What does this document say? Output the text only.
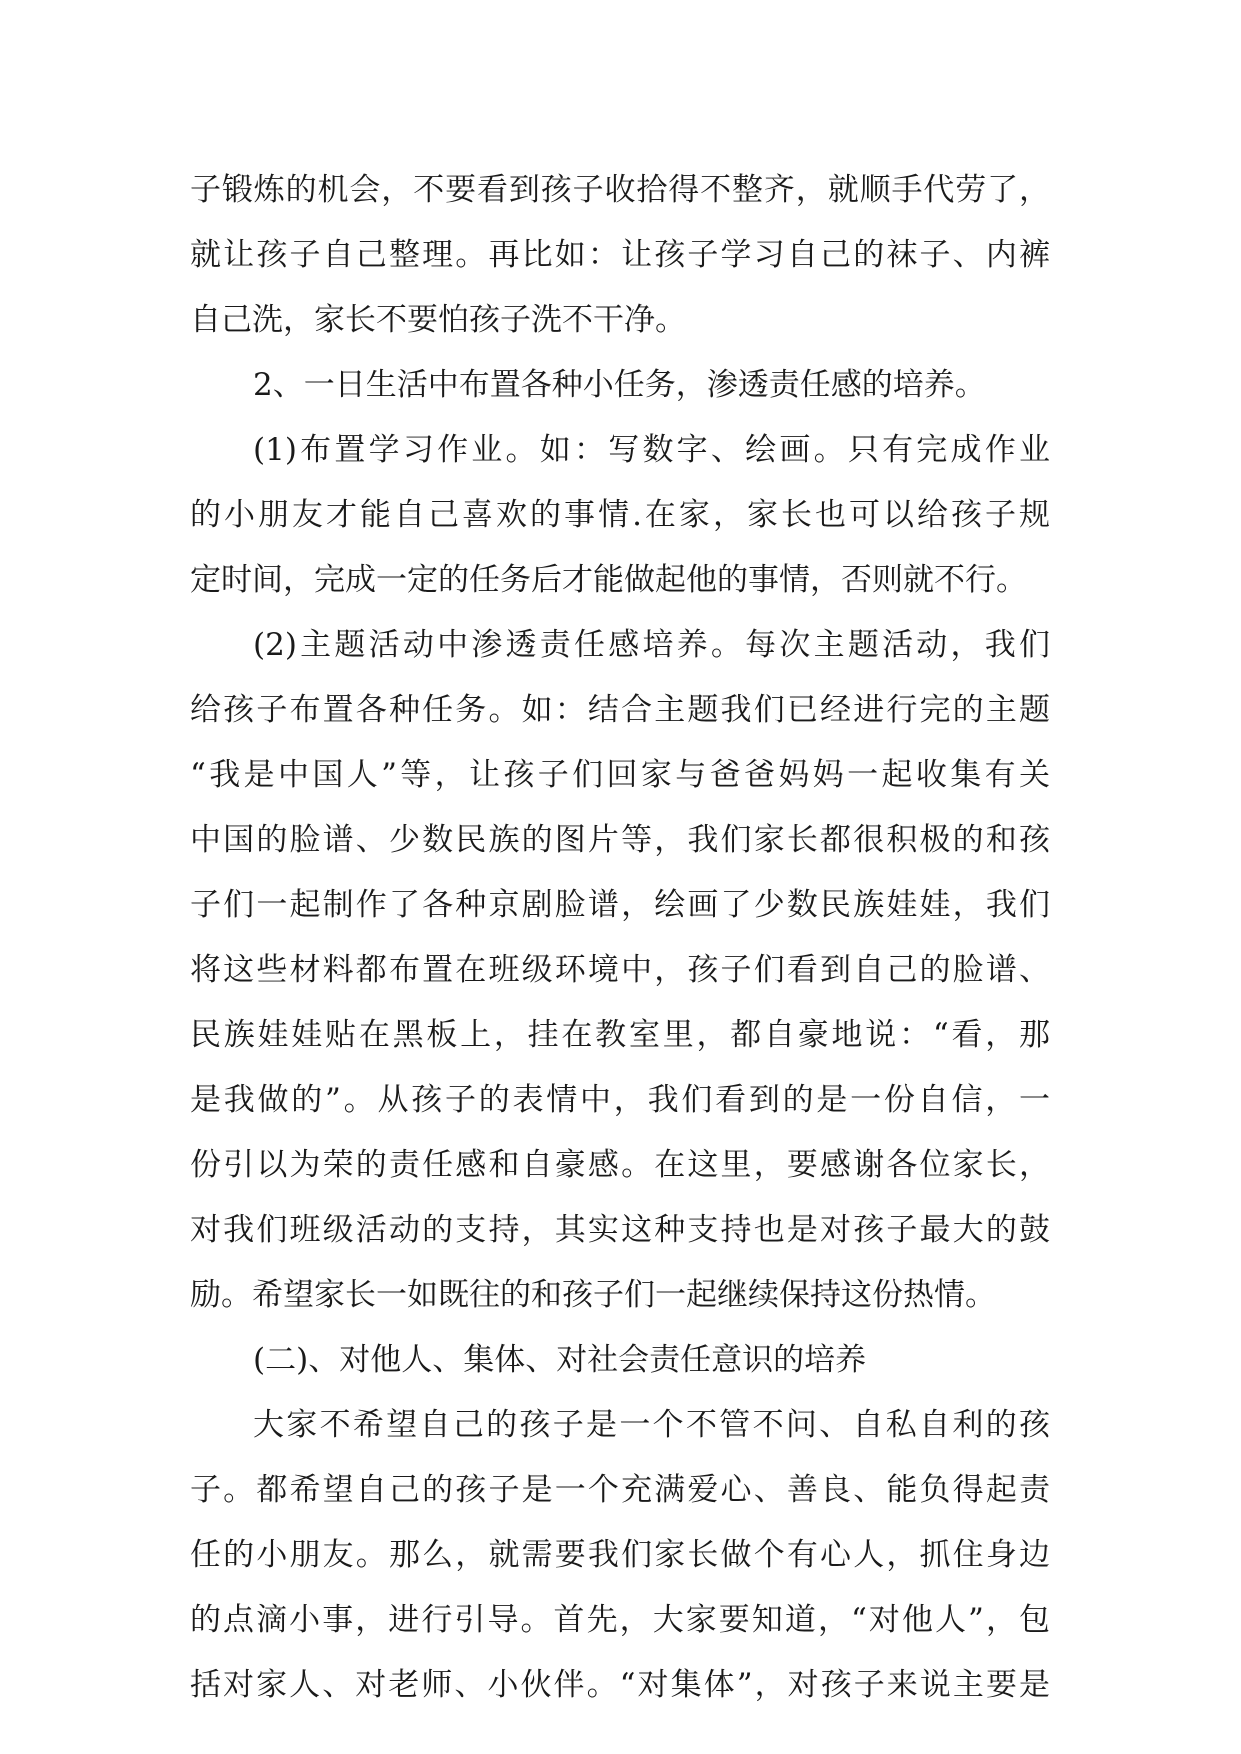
子锻炼的机会，不要看到孩子收拾得不整齐，就顺手代劳了，
就让孩子自己整理。再比如：让孩子学习自己的袜子、内裤
自己洗，家长不要怕孩子洗不干净。
2、一日生活中布置各种小任务，渗透责任感的培养。
(1)布置学习作业。如：写数字、绘画。只有完成作业
的小朋友才能自己喜欢的事情.在家，家长也可以给孩子规
定时间，完成一定的任务后才能做起他的事情，否则就不行。
(2)主题活动中渗透责任感培养。每次主题活动，我们
给孩子布置各种任务。如：结合主题我们已经进行完的主题
“我是中国人”等，让孩子们回家与爸爸妈妈一起收集有关
中国的脸谱、少数民族的图片等，我们家长都很积极的和孩
子们一起制作了各种京剧脸谱，绘画了少数民族娃娃，我们
将这些材料都布置在班级环境中，孩子们看到自己的脸谱、
民族娃娃贴在黑板上，挂在教室里，都自豪地说：“看，那
是我做的”。从孩子的表情中，我们看到的是一份自信，一
份引以为荣的责任感和自豪感。在这里，要感谢各位家长，
对我们班级活动的支持，其实这种支持也是对孩子最大的鼓
励。希望家长一如既往的和孩子们一起继续保持这份热情。
(二)、对他人、集体、对社会责任意识的培养
大家不希望自己的孩子是一个不管不问、自私自利的孩
子。都希望自己的孩子是一个充满爱心、善良、能负得起责
任的小朋友。那么，就需要我们家长做个有心人，抓住身边
的点滴小事，进行引导。首先，大家要知道，“对他人”，包
括对家人、对老师、小伙伴。“对集体”，对孩子来说主要是
